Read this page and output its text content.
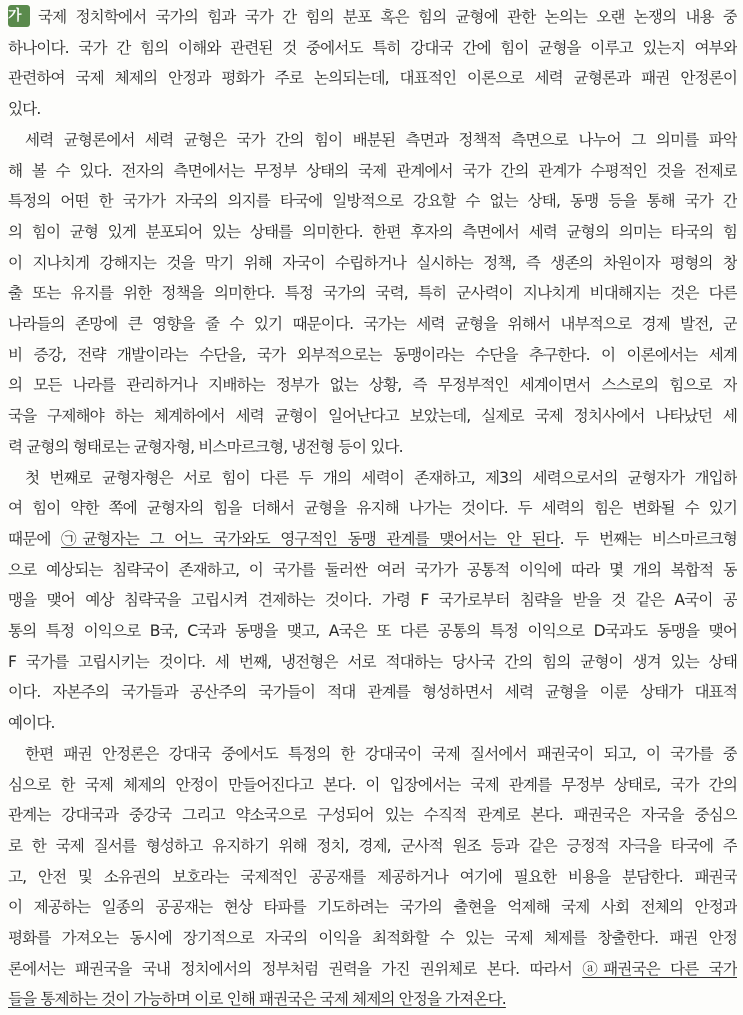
가 국제 정치학에서 국가의 힘과 국가 간 힘의 분포 혹은 힘의 균형에 관한 논의는 오랜 논쟁의 내용 중
하나이다. 국가 간 힘의 이해와 관련된 것 중에서도 특히 강대국 간에 힘이 균형을 이루고 있는지 여부와
관련하여 국제 체제의 안정과 평화가 주로 논의되는데, 대표적인 이론으로 세력 균형론과 패권 안정론이
있다.
세력 균형론에서 세력 균형은 국가 간의 힘이 배분된 측면과 정책적 측면으로 나누어 그 의미를 파악
해 볼 수 있다. 전자의 측면에서는 무정부 상태의 국제 관계에서 국가 간의 관계가 수평적인 것을 전제로
특정의 어떤 한 국가가 자국의 의지를 타국에 일방적으로 강요할 수 없는 상태, 동맹 등을 통해 국가 간
의 힘이 균형 있게 분포되어 있는 상태를 의미한다. 한편 후자의 측면에서 세력 균형의 의미는 타국의 힘
이 지나치게 강해지는 것을 막기 위해 자국이 수립하거나 실시하는 정책, 즉 생존의 차원이자 평형의 창
출 또는 유지를 위한 정책을 의미한다. 특정 국가의 국력, 특히 군사력이 지나치게 비대해지는 것은 다른
나라들의 존망에 큰 영향을 줄 수 있기 때문이다. 국가는 세력 균형을 위해서 내부적으로 경제 발전, 군
비 증강, 전략 개발이라는 수단을, 국가 외부적으로는 동맹이라는 수단을 추구한다. 이 이론에서는 세계
의 모든 나라를 관리하거나 지배하는 정부가 없는 상황, 즉 무정부적인 세계이면서 스스로의 힘으로 자
국을 구제해야 하는 체계하에서 세력 균형이 일어난다고 보았는데, 실제로 국제 정치사에서 나타났던 세
력 균형의 형태로는 균형자형, 비스마르크형, 냉전형 등이 있다.
첫 번째로 균형자형은 서로 힘이 다른 두 개의 세력이 존재하고, 제3의 세력으로서의 균형자가 개입하
여 힘이 약한 쪽에 균형자의 힘을 더해서 균형을 유지해 나가는 것이다. 두 세력의 힘은 변화될 수 있기
때문에 ㉠균형자는 그 어느 국가와도 영구적인 동맹 관계를 맺어서는 안 된다. 두 번째는 비스마르크형
으로 예상되는 침략국이 존재하고, 이 국가를 둘러싼 여러 국가가 공통적 이익에 따라 몇 개의 복합적 동
맹을 맺어 예상 침략국을 고립시켜 견제하는 것이다. 가령 F 국가로부터 침략을 받을 것 같은 A국이 공
통의 특정 이익으로 B국, C국과 동맹을 맺고, A국은 또 다른 공통의 특정 이익으로 D국과도 동맹을 맺어
F 국가를 고립시키는 것이다. 세 번째, 냉전형은 서로 적대하는 당사국 간의 힘의 균형이 생겨 있는 상태
이다. 자본주의 국가들과 공산주의 국가들이 적대 관계를 형성하면서 세력 균형을 이룬 상태가 대표적
예이다.
한편 패권 안정론은 강대국 중에서도 특정의 한 강대국이 국제 질서에서 패권국이 되고, 이 국가를 중
심으로 한 국제 체제의 안정이 만들어진다고 본다. 이 입장에서는 국제 관계를 무정부 상태로, 국가 간의
관계는 강대국과 중강국 그리고 약소국으로 구성되어 있는 수직적 관계로 본다. 패권국은 자국을 중심으
로 한 국제 질서를 형성하고 유지하기 위해 정치, 경제, 군사적 원조 등과 같은 긍정적 자극을 타국에 주
고, 안전 및 소유권의 보호라는 국제적인 공공재를 제공하거나 여기에 필요한 비용을 분담한다. 패권국
이 제공하는 일종의 공공재는 현상 타파를 기도하려는 국가의 출현을 억제해 국제 사회 전체의 안정과
평화를 가져오는 동시에 장기적으로 자국의 이익을 최적화할 수 있는 국제 체제를 창출한다. 패권 안정
론에서는 패권국을 국내 정치에서의 정부처럼 권력을 가진 권위체로 본다. 따라서 ⓐ패권국은 다른 국가
들을 통제하는 것이 가능하며 이로 인해 패권국은 국제 체제의 안정을 가져온다.
